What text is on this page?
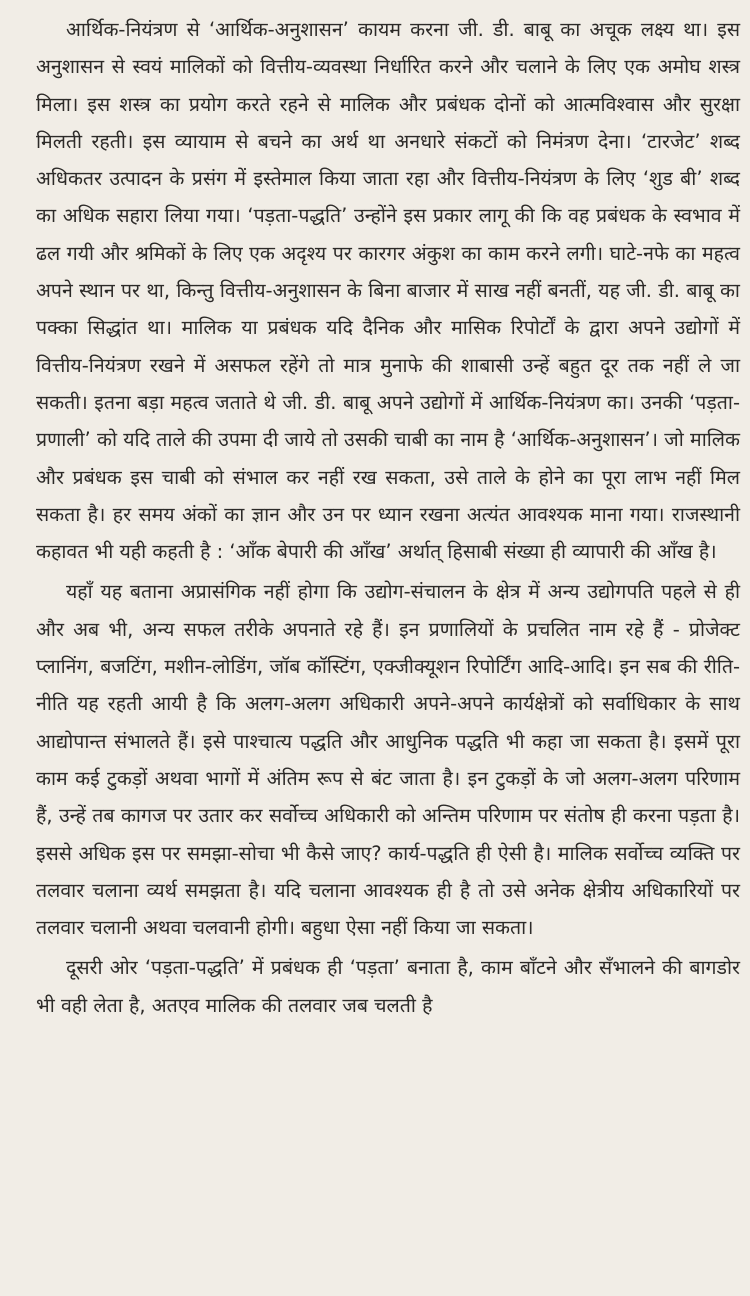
आर्थिक-नियंत्रण से ‘आर्थिक-अनुशासन’ कायम करना जी. डी. बाबू का अचूक लक्ष्य था। इस अनुशासन से स्वयं मालिकों को वित्तीय-व्यवस्था निर्धारित करने और चलाने के लिए एक अमोघ शस्त्र मिला। इस शस्त्र का प्रयोग करते रहने से मालिक और प्रबंधक दोनों को आत्मविश्वास और सुरक्षा मिलती रहती। इस व्यायाम से बचने का अर्थ था अनधारे संकटों को निमंत्रण देना। ‘टारजेट’ शब्द अधिकतर उत्पादन के प्रसंग में इस्तेमाल किया जाता रहा और वित्तीय-नियंत्रण के लिए ‘शुड बी’ शब्द का अधिक सहारा लिया गया। ‘पड़ता-पद्धति’ उन्होंने इस प्रकार लागू की कि वह प्रबंधक के स्वभाव में ढल गयी और श्रमिकों के लिए एक अदृश्य पर कारगर अंकुश का काम करने लगी। घाटे-नफे का महत्व अपने स्थान पर था, किन्तु वित्तीय-अनुशासन के बिना बाजार में साख नहीं बनतीं, यह जी. डी. बाबू का पक्का सिद्धांत था। मालिक या प्रबंधक यदि दैनिक और मासिक रिपोर्टों के द्वारा अपने उद्योगों में वित्तीय-नियंत्रण रखने में असफल रहेंगे तो मात्र मुनाफे की शाबासी उन्हें बहुत दूर तक नहीं ले जा सकती। इतना बड़ा महत्व जताते थे जी. डी. बाबू अपने उद्योगों में आर्थिक-नियंत्रण का। उनकी ‘पड़ता-प्रणाली’ को यदि ताले की उपमा दी जाये तो उसकी चाबी का नाम है ‘आर्थिक-अनुशासन’। जो मालिक और प्रबंधक इस चाबी को संभाल कर नहीं रख सकता, उसे ताले के होने का पूरा लाभ नहीं मिल सकता है। हर समय अंकों का ज्ञान और उन पर ध्यान रखना अत्यंत आवश्यक माना गया। राजस्थानी कहावत भी यही कहती है : ‘आँक बेपारी की आँख’ अर्थात् हिसाबी संख्या ही व्यापारी की आँख है।

यहाँ यह बताना अप्रासंगिक नहीं होगा कि उद्योग-संचालन के क्षेत्र में अन्य उद्योगपति पहले से ही और अब भी, अन्य सफल तरीके अपनाते रहे हैं। इन प्रणालियों के प्रचलित नाम रहे हैं - प्रोजेक्ट प्लानिंग, बजटिंग, मशीन-लोडिंग, जॉब कॉस्टिंग, एक्जीक्यूशन रिपोर्टिंग आदि-आदि। इन सब की रीति-नीति यह रहती आयी है कि अलग-अलग अधिकारी अपने-अपने कार्यक्षेत्रों को सर्वाधिकार के साथ आद्योपान्त संभालते हैं। इसे पाश्चात्य पद्धति और आधुनिक पद्धति भी कहा जा सकता है। इसमें पूरा काम कई टुकड़ों अथवा भागों में अंतिम रूप से बंट जाता है। इन टुकड़ों के जो अलग-अलग परिणाम हैं, उन्हें तब कागज पर उतार कर सर्वोच्च अधिकारी को अन्तिम परिणाम पर संतोष ही करना पड़ता है। इससे अधिक इस पर समझा-सोचा भी कैसे जाए? कार्य-पद्धति ही ऐसी है। मालिक सर्वोच्च व्यक्ति पर तलवार चलाना व्यर्थ समझता है। यदि चलाना आवश्यक ही है तो उसे अनेक क्षेत्रीय अधिकारियों पर तलवार चलानी अथवा चलवानी होगी। बहुधा ऐसा नहीं किया जा सकता।

दूसरी ओर ‘पड़ता-पद्धति’ में प्रबंधक ही ‘पड़ता’ बनाता है, काम बाँटने और सँभालने की बागडोर भी वही लेता है, अतएव मालिक की तलवार जब चलती है
